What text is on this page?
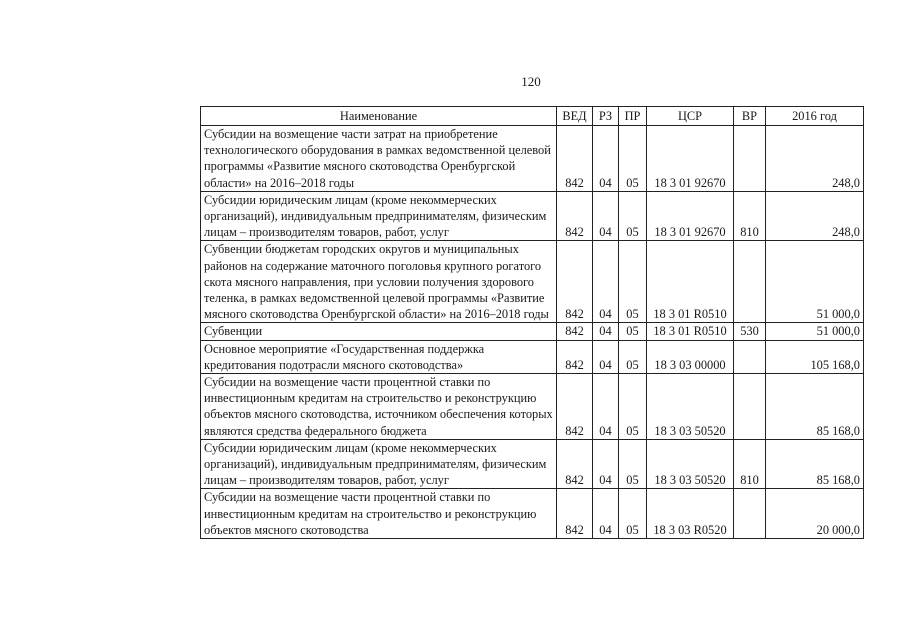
120
Наименование	ВЕД	РЗ	ПР	ЦСР	ВР	2016 год
Субсидии на возмещение части затрат на приобретение технологического оборудования в рамках ведомственной целевой программы «Развитие мясного скотоводства Оренбургской области» на 2016–2018 годы	842	04	05	18 3 01 92670		248,0
Субсидии юридическим лицам (кроме некоммерческих организаций), индивидуальным предпринимателям, физическим лицам – производителям товаров, работ, услуг	842	04	05	18 3 01 92670	810	248,0
Субвенции бюджетам городских округов и муниципальных районов на содержание маточного поголовья крупного рогатого скота мясного направления, при условии получения здорового теленка, в рамках ведомственной целевой программы «Развитие мясного скотоводства Оренбургской области» на 2016–2018 годы	842	04	05	18 3 01 R0510		51 000,0
Субвенции	842	04	05	18 3 01 R0510	530	51 000,0
Основное мероприятие «Государственная поддержка кредитования подотрасли мясного скотоводства»	842	04	05	18 3 03 00000		105 168,0
Субсидии на возмещение части процентной ставки по инвестиционным кредитам на строительство и реконструкцию объектов мясного скотоводства, источником обеспечения которых являются средства федерального бюджета	842	04	05	18 3 03 50520		85 168,0
Субсидии юридическим лицам (кроме некоммерческих организаций), индивидуальным предпринимателям, физическим лицам – производителям товаров, работ, услуг	842	04	05	18 3 03 50520	810	85 168,0
Субсидии на возмещение части процентной ставки по инвестиционным кредитам на строительство и реконструкцию объектов мясного скотоводства	842	04	05	18 3 03 R0520		20 000,0
